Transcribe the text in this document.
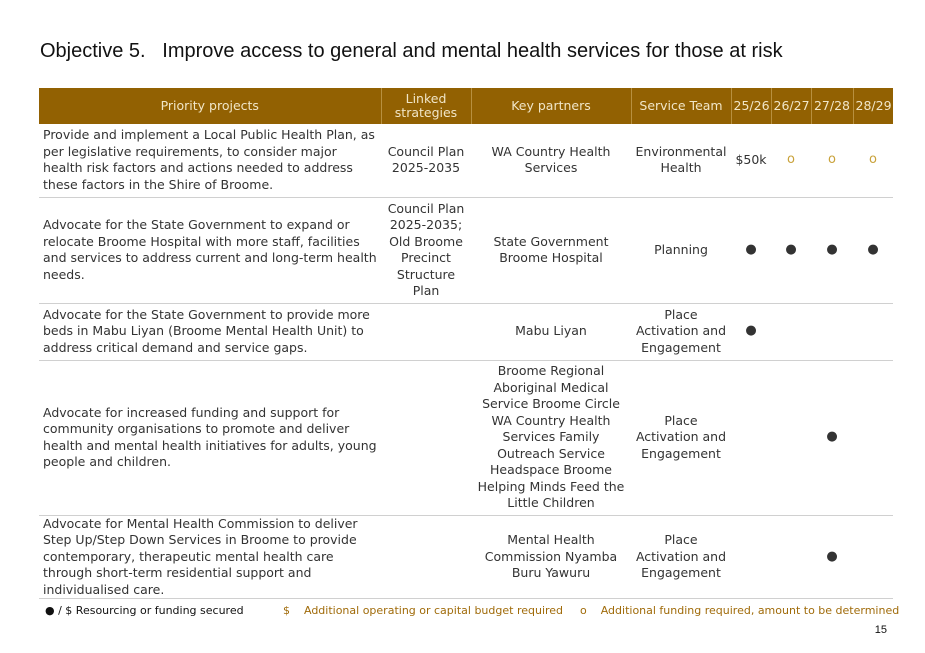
Objective 5.   Improve access to general and mental health services for those at risk
Priority projects	Linked strategies	Key partners	Service Team	25/26	26/27	27/28	28/29
Provide and implement a Local Public Health Plan, as per legislative requirements, to consider major health risk factors and actions needed to address these factors in the Shire of Broome.	Council Plan 2025-2035	WA Country Health Services	Environmental Health	$50k	o	o	o
Advocate for the State Government to expand or relocate Broome Hospital with more staff, facilities and services to address current and long-term health needs.	Council Plan 2025-2035; Old Broome Precinct Structure Plan	State Government Broome Hospital	Planning	●	●	●	●
Advocate for the State Government to provide more beds in Mabu Liyan (Broome Mental Health Unit) to address critical demand and service gaps.		Mabu Liyan	Place Activation and Engagement	●			
Advocate for increased funding and support for community organisations to promote and deliver health and mental health initiatives for adults, young people and children.		Broome Regional Aboriginal Medical Service Broome Circle WA Country Health Services Family Outreach Service Headspace Broome Helping Minds Feed the Little Children	Place Activation and Engagement			●	
Advocate for Mental Health Commission to deliver Step Up/Step Down Services in Broome to provide contemporary, therapeutic mental health care through short-term residential support and individualised care.		Mental Health Commission Nyamba Buru Yawuru	Place Activation and Engagement			●	
● / $ Resourcing or funding secured	$    Additional operating or capital budget required o    Additional funding required, amount to be determined
15
